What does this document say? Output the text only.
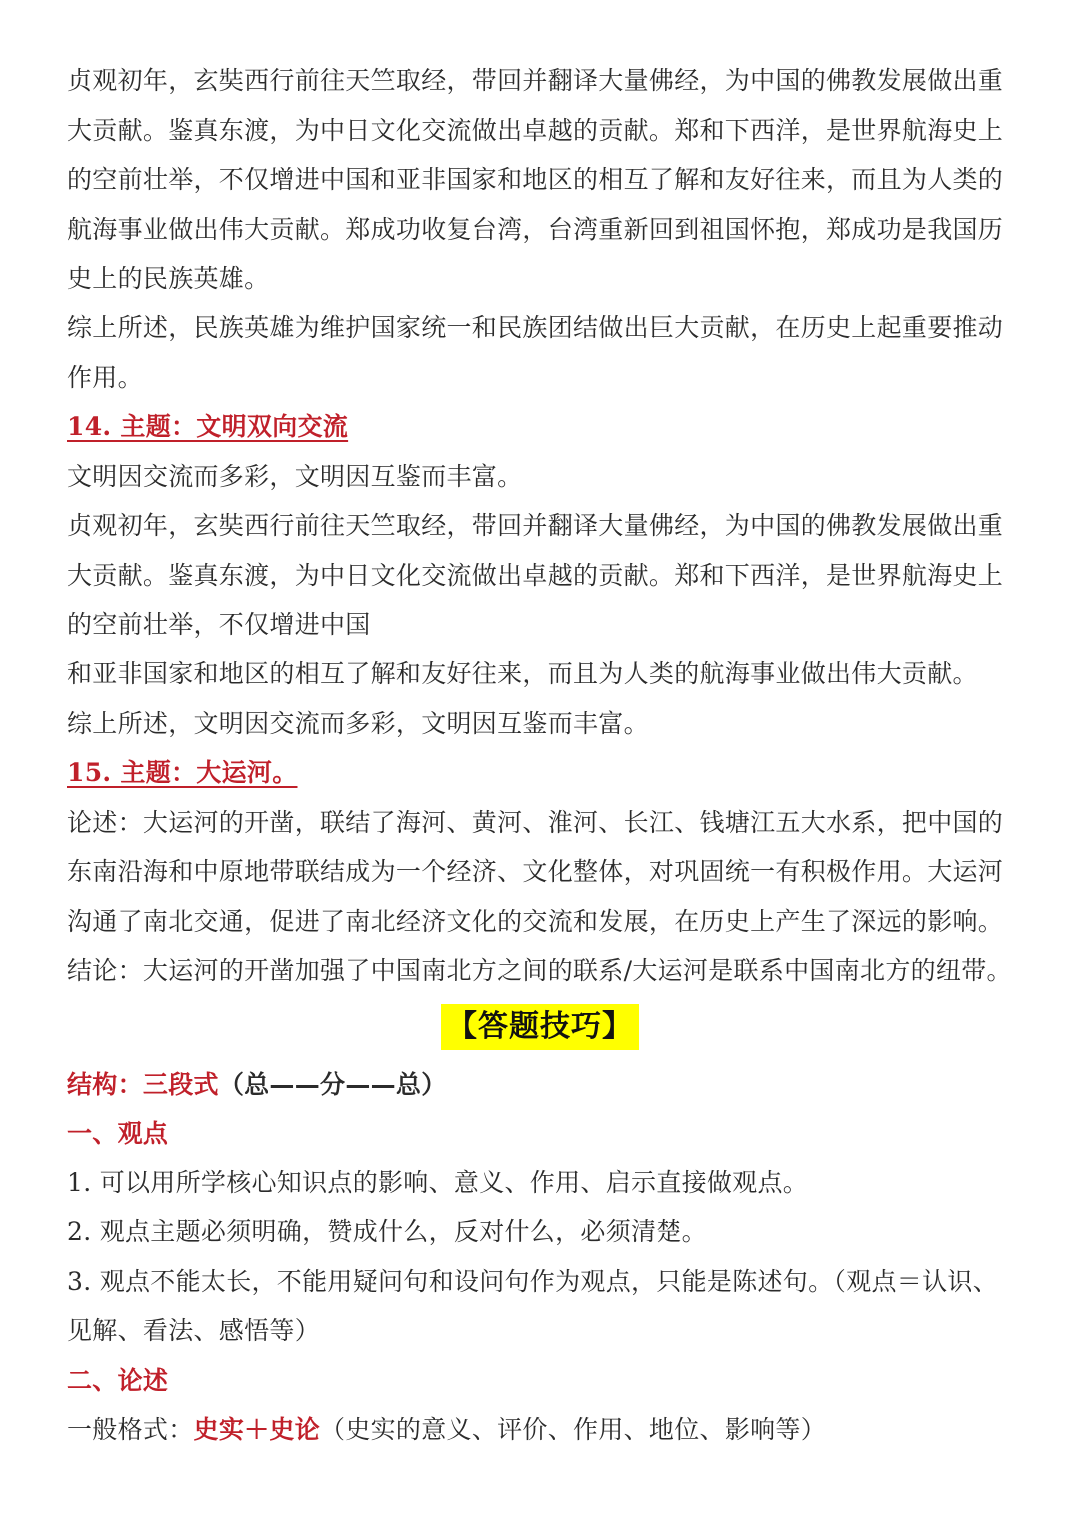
贞观初年，玄奘西行前往天竺取经，带回并翻译大量佛经，为中国的佛教发展做出重
大贡献。鉴真东渡，为中日文化交流做出卓越的贡献。郑和下西洋，是世界航海史上
的空前壮举，不仅增进中国和亚非国家和地区的相互了解和友好往来，而且为人类的
航海事业做出伟大贡献。郑成功收复台湾，台湾重新回到祖国怀抱，郑成功是我国历
史上的民族英雄。
综上所述，民族英雄为维护国家统一和民族团结做出巨大贡献，在历史上起重要推动
作用。
14. 主题：文明双向交流
文明因交流而多彩，文明因互鉴而丰富。
贞观初年，玄奘西行前往天竺取经，带回并翻译大量佛经，为中国的佛教发展做出重
大贡献。鉴真东渡，为中日文化交流做出卓越的贡献。郑和下西洋，是世界航海史上
的空前壮举，不仅增进中国
和亚非国家和地区的相互了解和友好往来，而且为人类的航海事业做出伟大贡献。
综上所述，文明因交流而多彩，文明因互鉴而丰富。
15. 主题：大运河。
论述：大运河的开凿，联结了海河、黄河、淮河、长江、钱塘江五大水系，把中国的
东南沿海和中原地带联结成为一个经济、文化整体，对巩固统一有积极作用。大运河
沟通了南北交通，促进了南北经济文化的交流和发展，在历史上产生了深远的影响。
结论：大运河的开凿加强了中国南北方之间的联系/大运河是联系中国南北方的纽带。
【答题技巧】
结构：三段式（总——分——总）
一、观点
1. 可以用所学核心知识点的影响、意义、作用、启示直接做观点。
2. 观点主题必须明确，赞成什么，反对什么，必须清楚。
3. 观点不能太长，不能用疑问句和设问句作为观点，只能是陈述句。（观点＝认识、
见解、看法、感悟等）
二、论述
一般格式：史实＋史论（史实的意义、评价、作用、地位、影响等）
